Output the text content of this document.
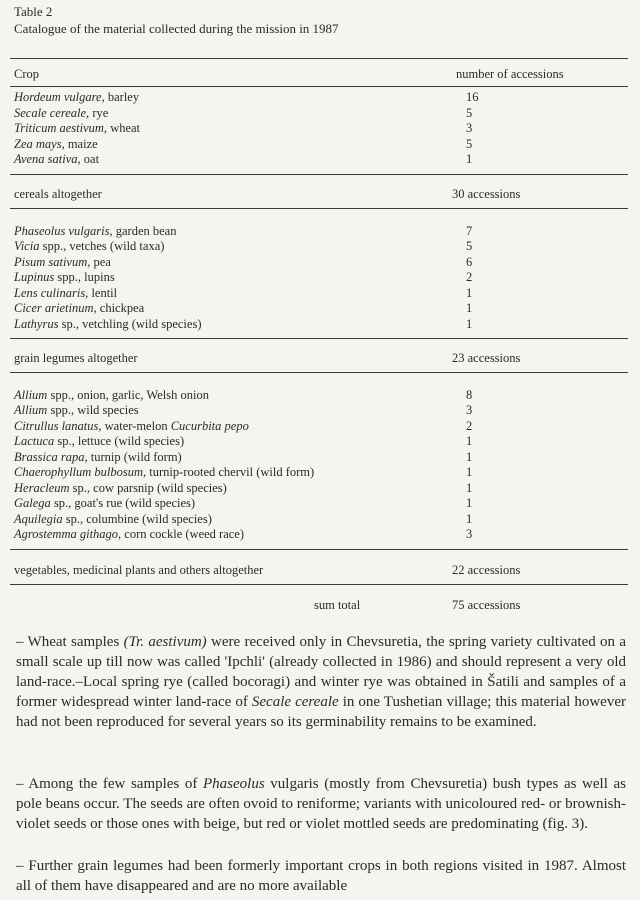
Table 2
Catalogue of the material collected during the mission in 1987
Crop	number of accessions
Hordeum vulgare, barley	16
Secale cereale, rye	5
Triticum aestivum, wheat	3
Zea mays, maize	5
Avena sativa, oat	1
cereals altogether	30 accessions
Phaseolus vulgaris, garden bean	7
Vicia spp., vetches (wild taxa)	5
Pisum sativum, pea	6
Lupinus spp., lupins	2
Lens culinaris, lentil	1
Cicer arietinum, chickpea	1
Lathyrus sp., vetchling (wild species)	1
grain legumes altogether	23 accessions
Allium spp., onion, garlic, Welsh onion	8
Allium spp., wild species	3
Citrullus lanatus, water-melon Cucurbita pepo	2
Lactuca sp., lettuce (wild species)	1
Brassica rapa, turnip (wild form)	1
Chaerophyllum bulbosum, turnip-rooted chervil (wild form)	1
Heracleum sp., cow parsnip (wild species)	1
Galega sp., goat's rue (wild species)	1
Aquilegia sp., columbine (wild species)	1
Agrostemma githago, corn cockle (weed race)	3
vegetables, medicinal plants and others altogether	22 accessions
sum total	75 accessions

– Wheat samples (Tr. aestivum) were received only in Chevsuretia, the spring variety cultivated on a small scale up till now was called 'Ipchli' (already collected in 1986) and should represent a very old land-race.–Local spring rye (called bocoragi) and winter rye was obtained in Šatili and samples of a former widespread winter land-race of Secale cereale in one Tushetian village; this material however had not been reproduced for several years so its germinability remains to be examined.

– Among the few samples of Phaseolus vulgaris (mostly from Chevsuretia) bush types as well as pole beans occur. The seeds are often ovoid to reniforme; variants with unicoloured red- or brownish-violet seeds or those ones with beige, but red or violet mottled seeds are predominating (fig. 3).

– Further grain legumes had been formerly important crops in both regions visited in 1987. Almost all of them have disappeared and are no more available
